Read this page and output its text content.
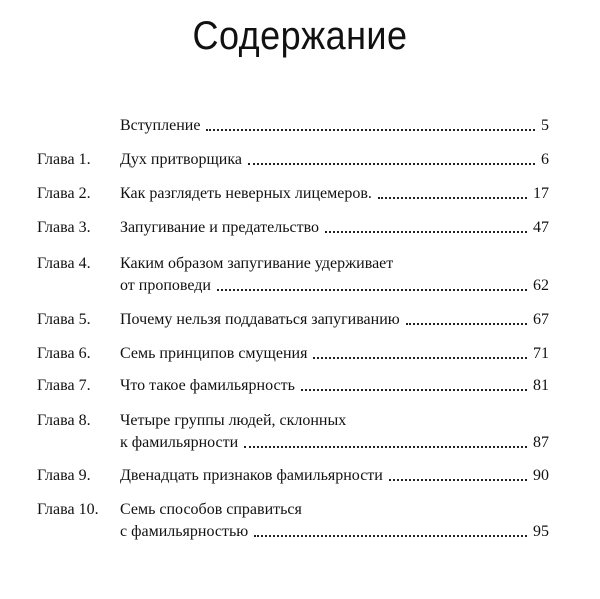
Содержание
Вступление	5
Глава 1. Дух притворщика	6
Глава 2. Как разглядеть неверных лицемеров.	17
Глава 3. Запугивание и предательство	47
Глава 4. Каким образом запугивание удерживает
от проповеди	62
Глава 5. Почему нельзя поддаваться запугиванию	67
Глава 6. Семь принципов смущения	71
Глава 7. Что такое фамильярность	81
Глава 8. Четыре группы людей, склонных
к фамильярности	87
Глава 9. Двенадцать признаков фамильярности	90
Глава 10. Семь способов справиться
с фамильярностью	95
